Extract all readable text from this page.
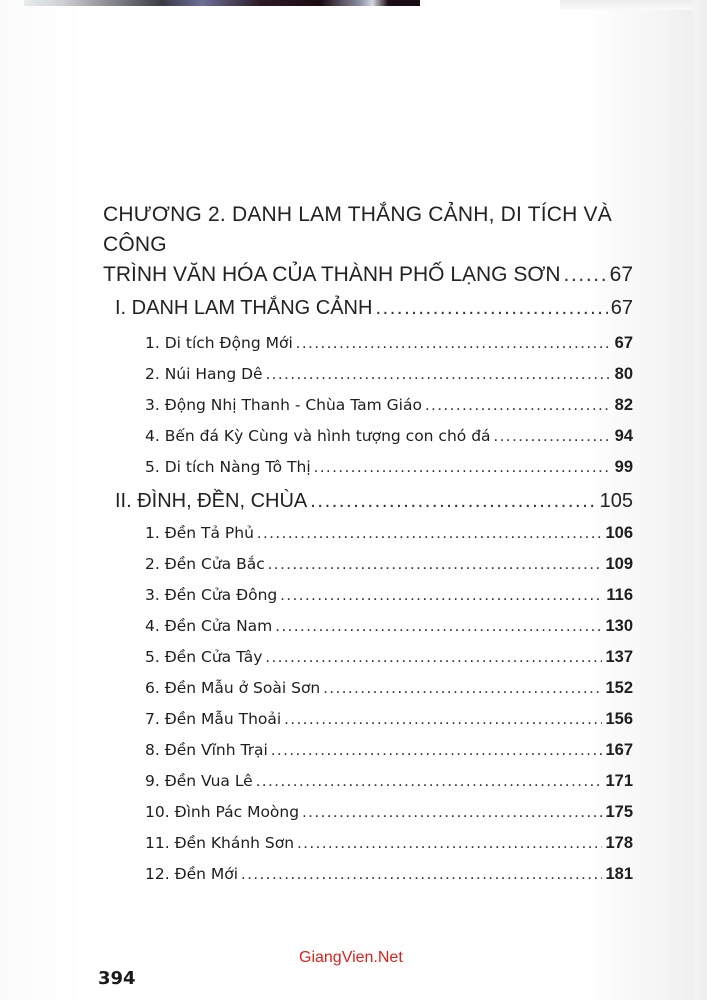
CHƯƠNG 2. DANH LAM THẮNG CẢNH, DI TÍCH VÀ CÔNG
TRÌNH VĂN HÓA CỦA THÀNH PHỐ LẠNG SƠN ..... 67
I. DANH LAM THẮNG CẢNH .....	67
1. Di tích Động Mới .....	67
2. Núi Hang Dê .....	80
3. Động Nhị Thanh - Chùa Tam Giáo .....	82
4. Bến đá Kỳ Cùng và hình tượng con chó đá .....	94
5. Di tích Nàng Tô Thị .....	99
II. ĐÌNH, ĐỀN, CHÙA .....	105
1. Đền Tả Phủ .....	106
2. Đền Cửa Bắc .....	109
3. Đền Cửa Đông .....	116
4. Đền Cửa Nam .....	130
5. Đền Cửa Tây .....	137
6. Đền Mẫu ở Soài Sơn .....	152
7. Đền Mẫu Thoải .....	156
8. Đền Vĩnh Trại .....	167
9. Đền Vua Lê .....	171
10. Đình Pác Moòng .....	175
11. Đền Khánh Sơn .....	178
12. Đền Mới .....	181
GiangVien.Net
394
